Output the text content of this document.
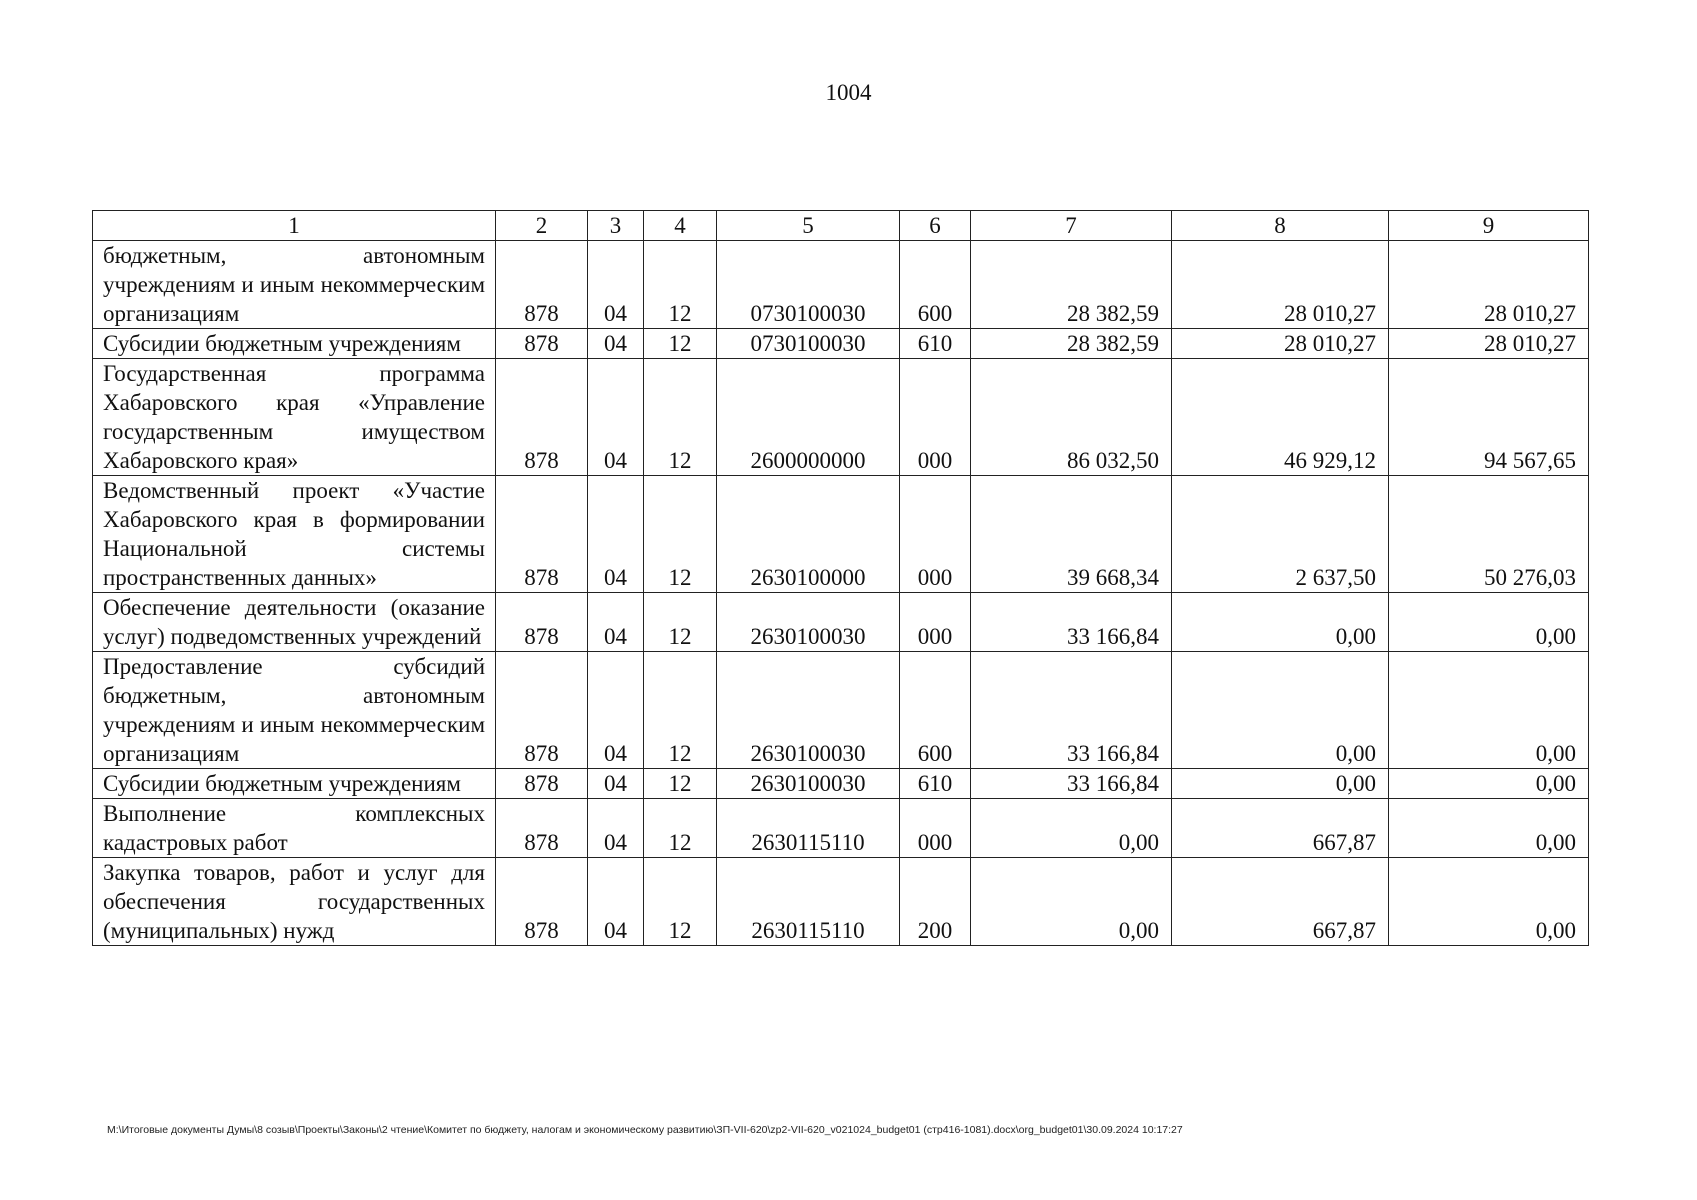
1004
1	2	3	4	5	6	7	8	9
бюджетным, автономным учреждениям и иным некоммерческим организациям	878	04	12	0730100030	600	28 382,59	28 010,27	28 010,27
Субсидии бюджетным учреждениям	878	04	12	0730100030	610	28 382,59	28 010,27	28 010,27
Государственная программа Хабаровского края «Управление государственным имуществом Хабаровского края»	878	04	12	2600000000	000	86 032,50	46 929,12	94 567,65
Ведомственный проект «Участие Хабаровского края в формировании Национальной системы пространственных данных»	878	04	12	2630100000	000	39 668,34	2 637,50	50 276,03
Обеспечение деятельности (оказание услуг) подведомственных учреждений	878	04	12	2630100030	000	33 166,84	0,00	0,00
Предоставление субсидий бюджетным, автономным учреждениям и иным некоммерческим организациям	878	04	12	2630100030	600	33 166,84	0,00	0,00
Субсидии бюджетным учреждениям	878	04	12	2630100030	610	33 166,84	0,00	0,00
Выполнение комплексных кадастровых работ	878	04	12	2630115110	000	0,00	667,87	0,00
Закупка товаров, работ и услуг для обеспечения государственных (муниципальных) нужд	878	04	12	2630115110	200	0,00	667,87	0,00
M:\Итоговые документы Думы\8 созыв\Проекты\Законы\2 чтение\Комитет по бюджету, налогам и экономическому развитию\ЗП-VII-620\zp2-VII-620_v021024_budget01 (стр416-1081).docx\org_budget01\30.09.2024 10:17:27
